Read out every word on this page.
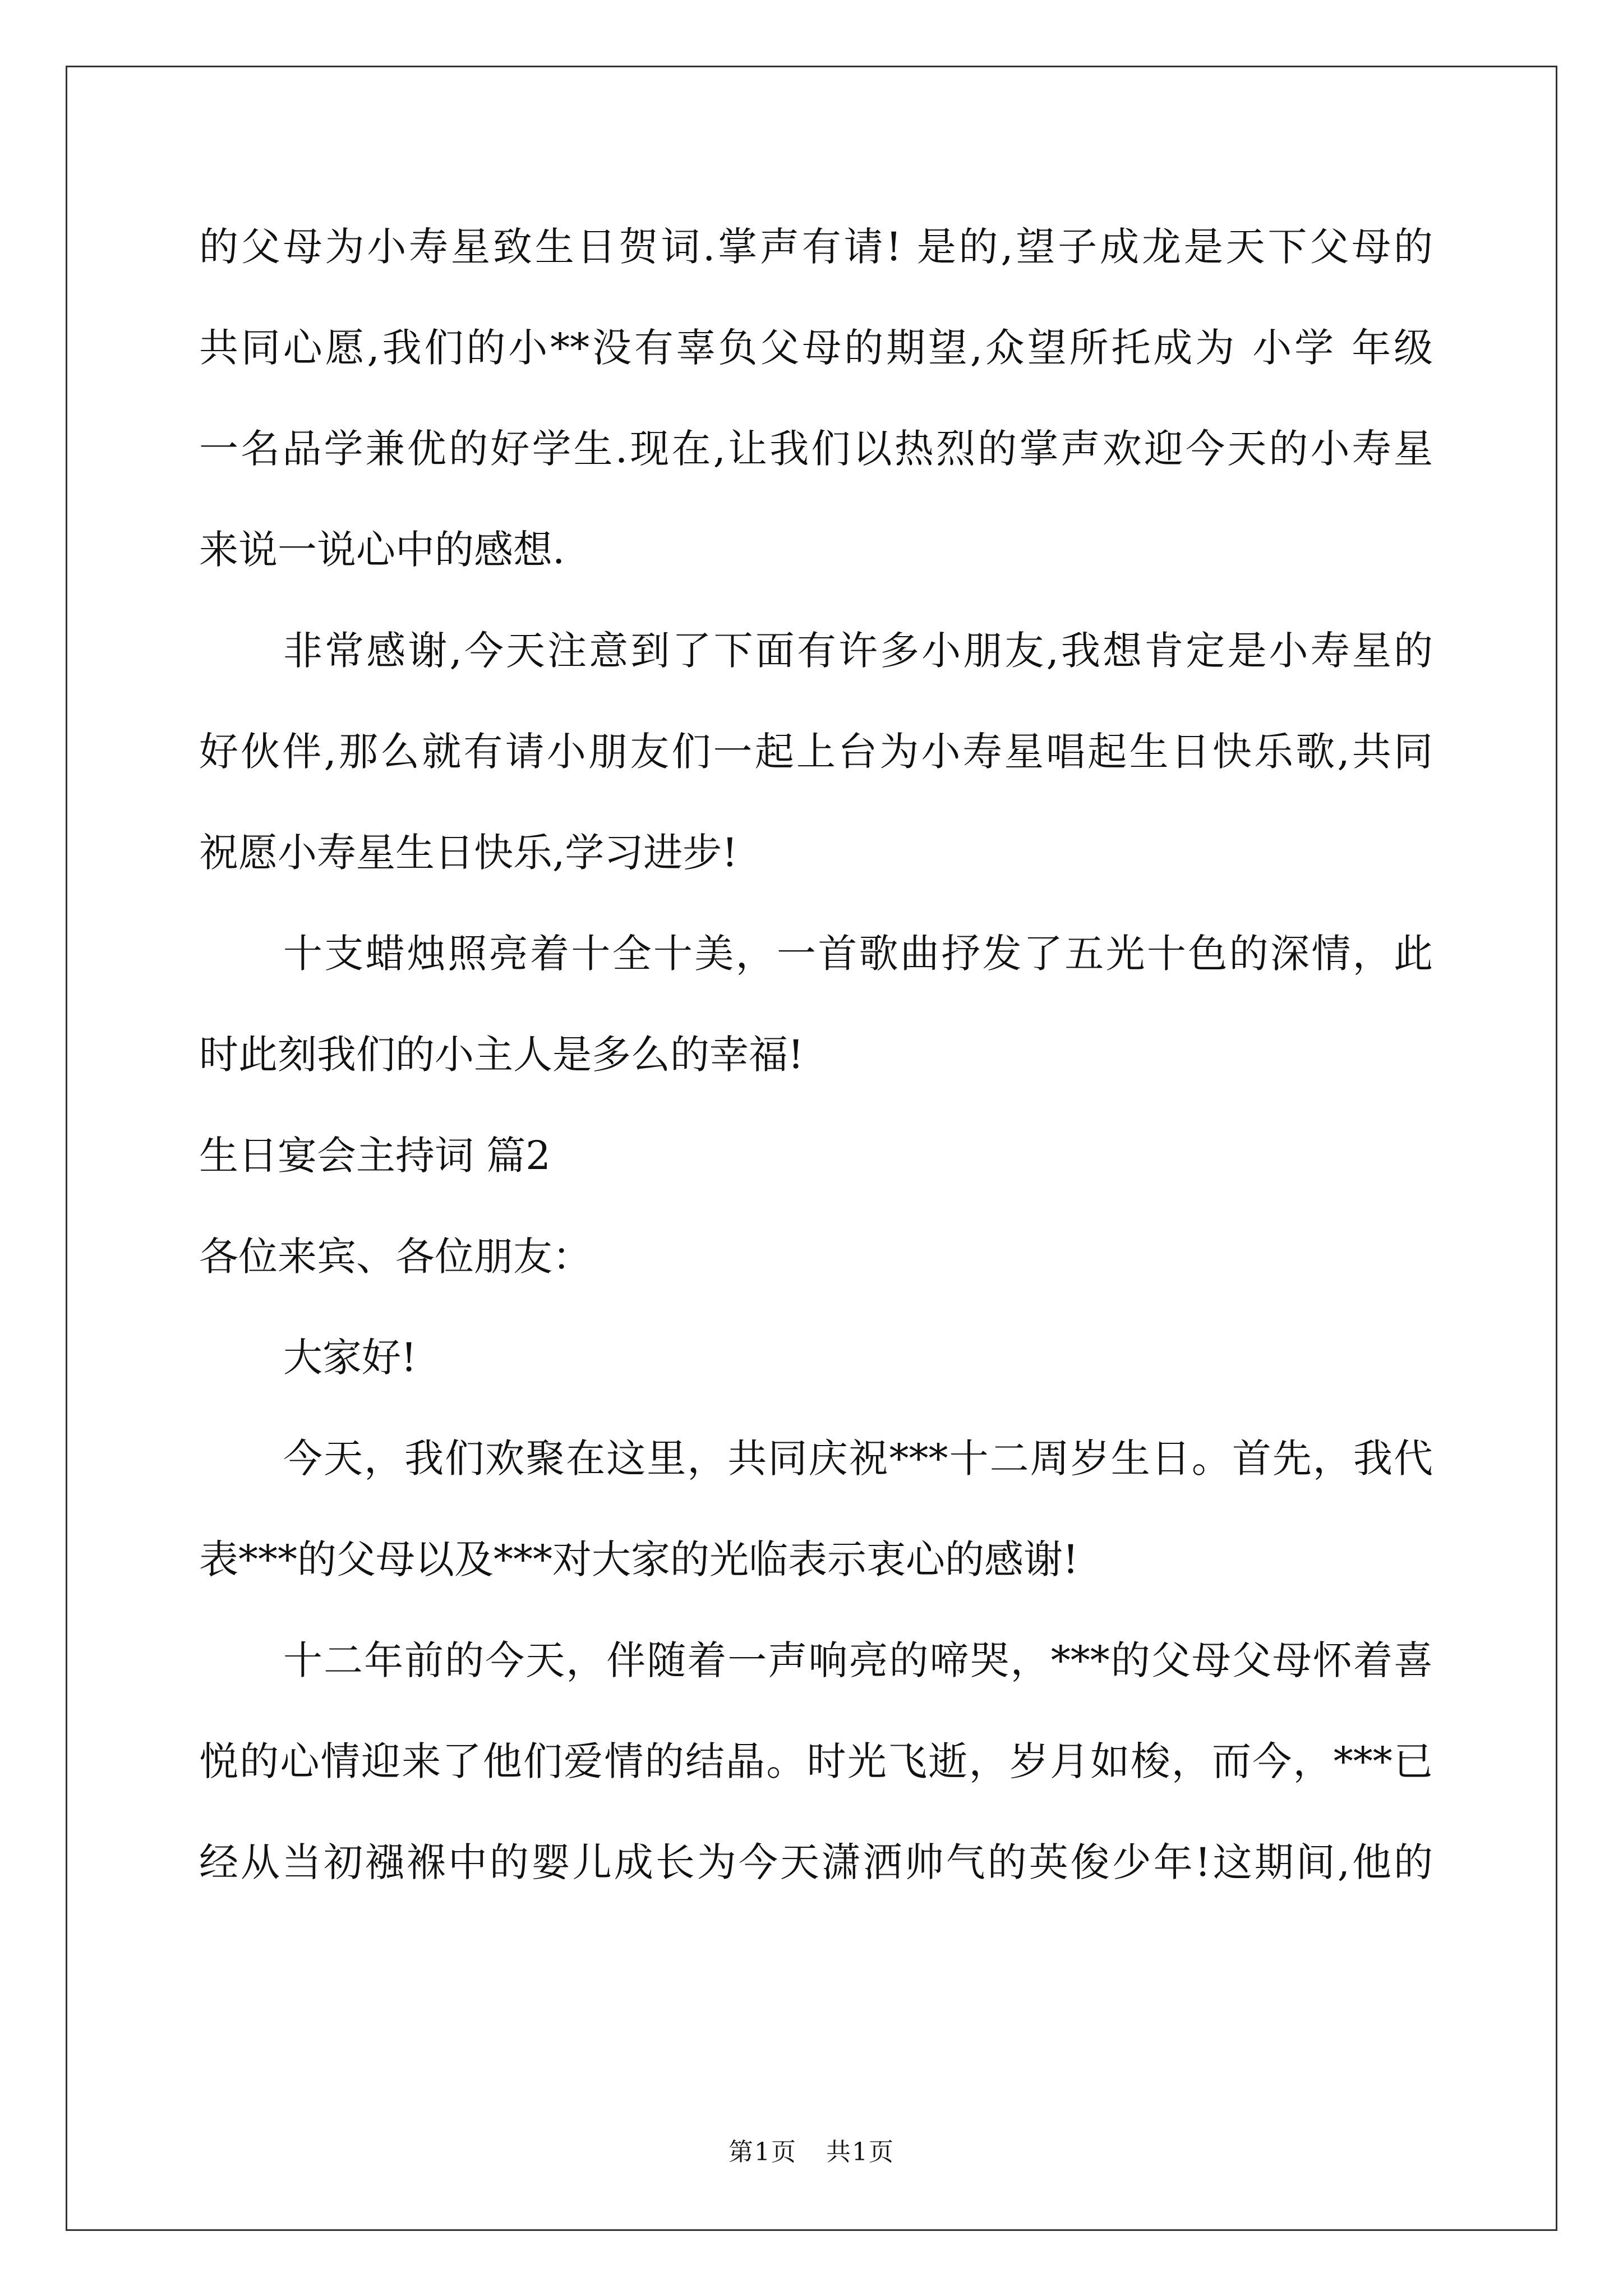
的父母为小寿星致生日贺词.掌声有请! 是的,望子成龙是天下父母的
共同心愿,我们的小**没有辜负父母的期望,众望所托成为 小学 年级
一名品学兼优的好学生.现在,让我们以热烈的掌声欢迎今天的小寿星
来说一说心中的感想.
非常感谢,今天注意到了下面有许多小朋友,我想肯定是小寿星的
好伙伴,那么就有请小朋友们一起上台为小寿星唱起生日快乐歌,共同
祝愿小寿星生日快乐,学习进步!
十支蜡烛照亮着十全十美，一首歌曲抒发了五光十色的深情，此
时此刻我们的小主人是多么的幸福!
生日宴会主持词 篇2
各位来宾、各位朋友：
大家好!
今天，我们欢聚在这里，共同庆祝***十二周岁生日。首先，我代
表***的父母以及***对大家的光临表示衷心的感谢!
十二年前的今天，伴随着一声响亮的啼哭，***的父母父母怀着喜
悦的心情迎来了他们爱情的结晶。时光飞逝，岁月如梭，而今，***已
经从当初襁褓中的婴儿成长为今天潇洒帅气的英俊少年!这期间,他的
第1页 共1页
